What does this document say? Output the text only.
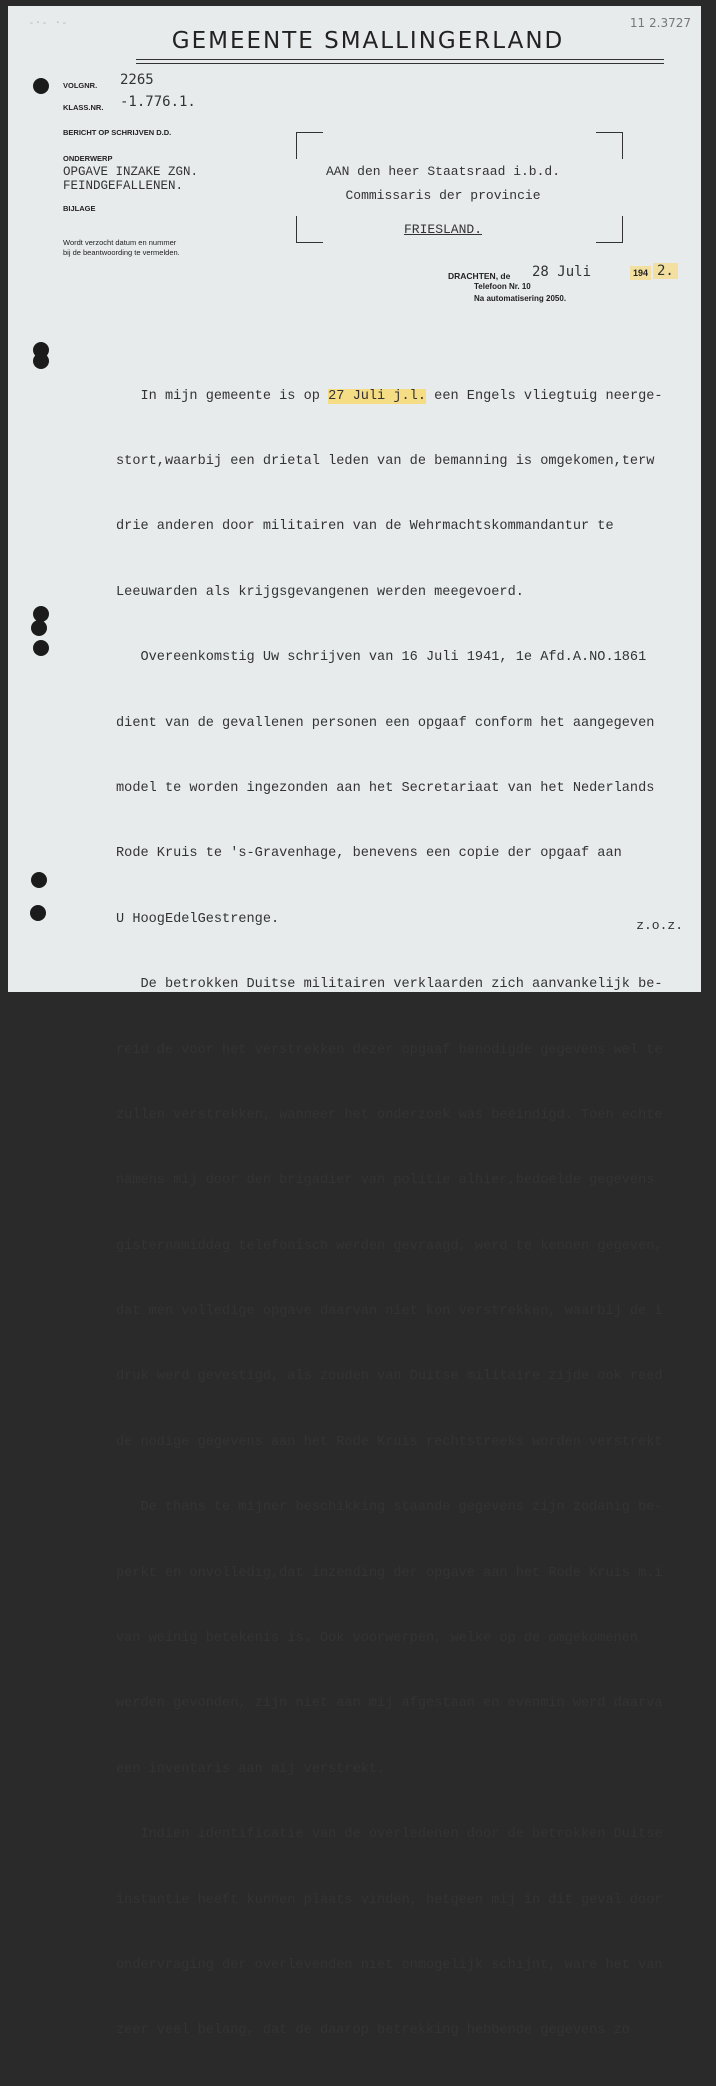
-·- ·-	11 2.3727
GEMEENTE SMALLINGERLAND
VOLGNR. 2265
KLASS.NR. -1.776.1.
BERICHT OP SCHRIJVEN D.D.
ONDERWERP
OPGAVE INZAKE ZGN.
FEINDGEFALLENEN.
BIJLAGE
Wordt verzocht datum en nummer
bij de beantwoording te vermelden.
AAN den heer Staatsraad i.b.d.
Commissaris der provincie
FRIESLAND.
DRACHTEN, de 28 Juli	194 2.
Telefoon Nr. 10
Na automatisering 2050.

In mijn gemeente is op 27 Juli j.l. een Engels vliegtuig neerge-

stort,waarbij een drietal leden van de bemanning is omgekomen,terw

drie anderen door militairen van de Wehrmachtskommandantur te

Leeuwarden als krijgsgevangenen werden meegevoerd.

Overeenkomstig Uw schrijven van 16 Juli 1941, 1e Afd.A.NO.1861

dient van de gevallenen personen een opgaaf conform het aangegeven

model te worden ingezonden aan het Secretariaat van het Nederlands

Rode Kruis te 's-Gravenhage, benevens een copie der opgaaf aan

U HoogEdelGestrenge.

De betrokken Duitse militairen verklaarden zich aanvankelijk be-

reid de voor het verstrekken dezer opgaaf benodigde gegevens wel te

zullen verstrekken, wanneer het onderzoek was beëindigd. Toen echte

namens mij door den brigadier van politie alhier,bedoelde gegevens

gisternamiddag telefonisch werden gevraagd, werd te kennen gegeven,

dat men volledige opgave daarvan niet kon verstrekken, waarbij de i

druk werd gevestigd, als zouden van Duitse militaire zijde ook reed

de nodige gegevens aan het Rode Kruis rechtstreeks worden verstrekt

De thans te mijner beschikking staande gegevens zijn zodanig be-

perkt en onvolledig,dat inzending der opgave aan het Rode Kruis m.i

van weinig betekenis is. Ook voorwerpen, welke op de omgekomenen

werden gevonden, zijn niet aan mij afgestaan en evenmin werd daarva

een inventaris aan mij verstrekt.

Indien identificatie van de overledenen door de betrokken Duitse

instantie heeft kunnen plaats vinden, hetgeen mij in dit geval door

ondervraging der overlevenden niet onmogelijk schijnt, ware het van

zeer veel belang, dat de daarop betrekking hebbende gegevens zo

z.o.z.
